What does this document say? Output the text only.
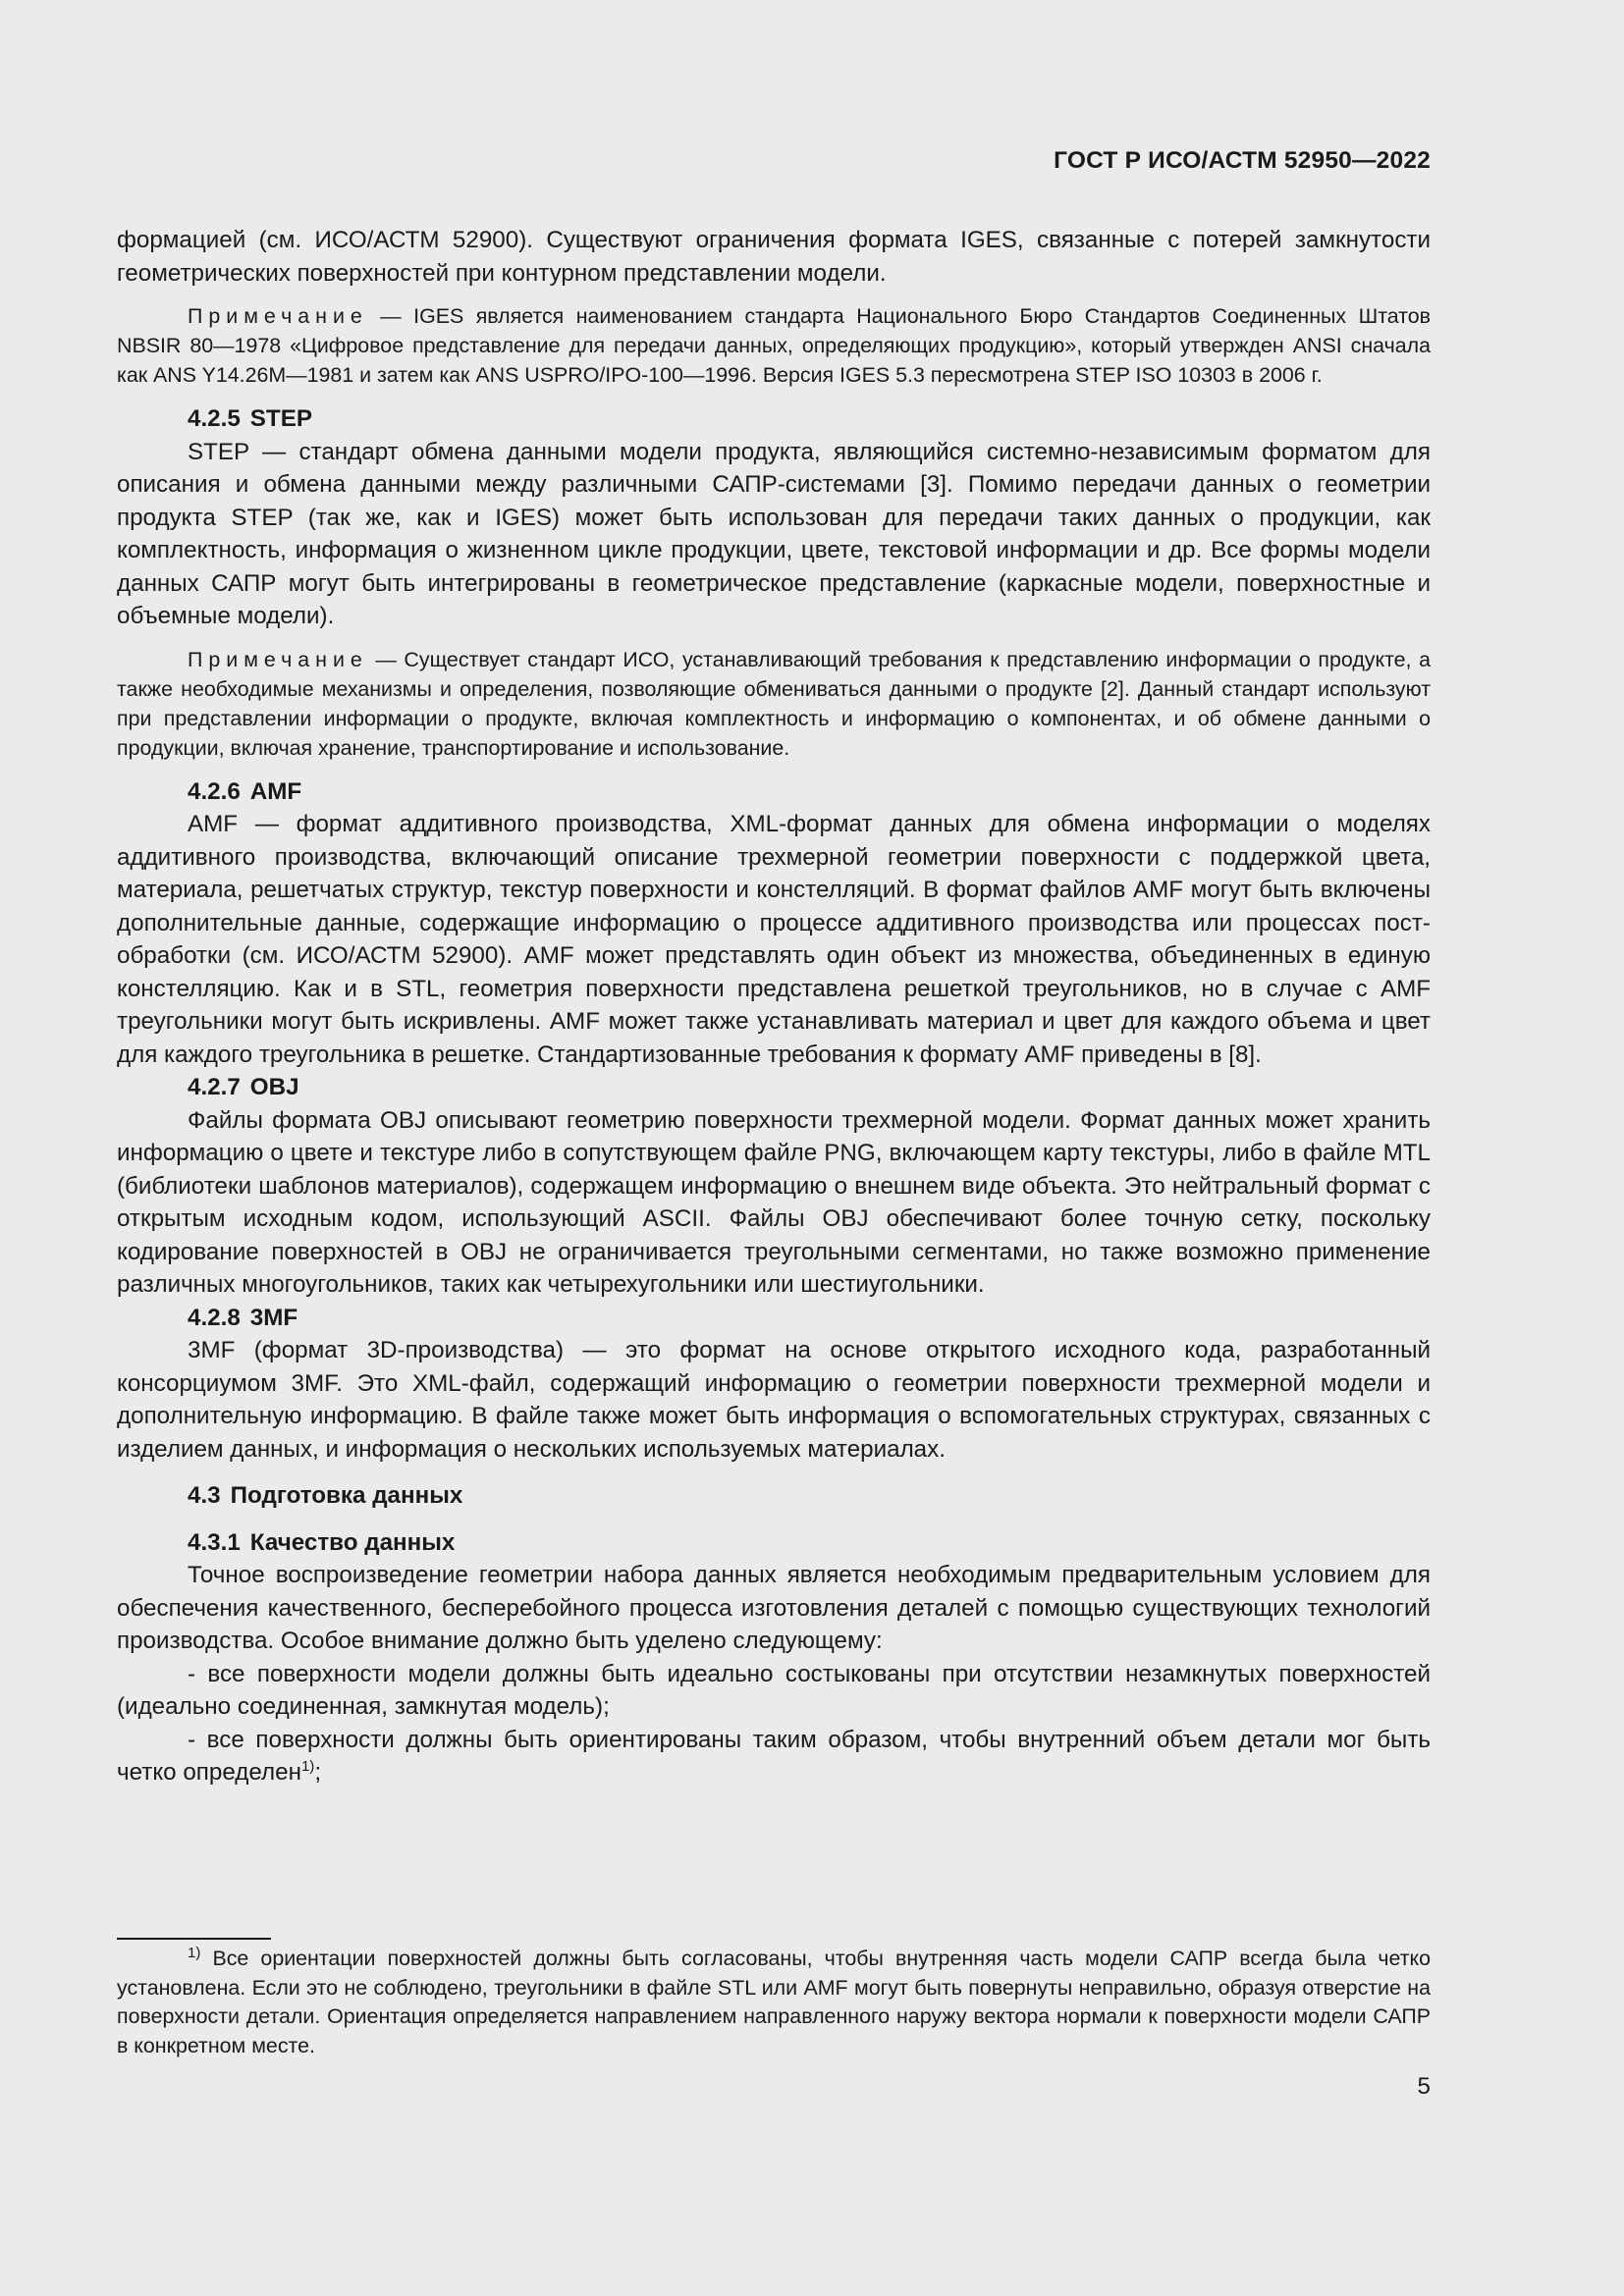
ГОСТ Р ИСО/АСТМ 52950—2022

формацией (см. ИСО/АСТМ 52900). Существуют ограничения формата IGES, связанные с потерей замкнутости геометрических поверхностей при контурном представлении модели.

Примечание — IGES является наименованием стандарта Национального Бюро Стандартов Соединенных Штатов NBSIR 80—1978 «Цифровое представление для передачи данных, определяющих продукцию», который утвержден ANSI сначала как ANS Y14.26M—1981 и затем как ANS USPRO/IPO-100—1996. Версия IGES 5.3 пересмотрена STEP ISO 10303 в 2006 г.

4.2.5 STEP

STEP — стандарт обмена данными модели продукта, являющийся системно-независимым форматом для описания и обмена данными между различными САПР-системами [3]. Помимо передачи данных о геометрии продукта STEP (так же, как и IGES) может быть использован для передачи таких данных о продукции, как комплектность, информация о жизненном цикле продукции, цвете, текстовой информации и др. Все формы модели данных САПР могут быть интегрированы в геометрическое представление (каркасные модели, поверхностные и объемные модели).

Примечание — Существует стандарт ИСО, устанавливающий требования к представлению информации о продукте, а также необходимые механизмы и определения, позволяющие обмениваться данными о продукте [2]. Данный стандарт используют при представлении информации о продукте, включая комплектность и информацию о компонентах, и об обмене данными о продукции, включая хранение, транспортирование и использование.

4.2.6 AMF

AMF — формат аддитивного производства, XML-формат данных для обмена информации о моделях аддитивного производства, включающий описание трехмерной геометрии поверхности с поддержкой цвета, материала, решетчатых структур, текстур поверхности и констелляций. В формат файлов AMF могут быть включены дополнительные данные, содержащие информацию о процессе аддитивного производства или процессах пост-обработки (см. ИСО/АСТМ 52900). AMF может представлять один объект из множества, объединенных в единую констелляцию. Как и в STL, геометрия поверхности представлена решеткой треугольников, но в случае с AMF треугольники могут быть искривлены. AMF может также устанавливать материал и цвет для каждого объема и цвет для каждого треугольника в решетке. Стандартизованные требования к формату AMF приведены в [8].

4.2.7 OBJ

Файлы формата OBJ описывают геометрию поверхности трехмерной модели. Формат данных может хранить информацию о цвете и текстуре либо в сопутствующем файле PNG, включающем карту текстуры, либо в файле MTL (библиотеки шаблонов материалов), содержащем информацию о внешнем виде объекта. Это нейтральный формат с открытым исходным кодом, использующий ASCII. Файлы OBJ обеспечивают более точную сетку, поскольку кодирование поверхностей в OBJ не ограничивается треугольными сегментами, но также возможно применение различных многоугольников, таких как четырехугольники или шестиугольники.

4.2.8 3MF

3MF (формат 3D-производства) — это формат на основе открытого исходного кода, разработанный консорциумом 3MF. Это XML-файл, содержащий информацию о геометрии поверхности трехмерной модели и дополнительную информацию. В файле также может быть информация о вспомогательных структурах, связанных с изделием данных, и информация о нескольких используемых материалах.

4.3 Подготовка данных
4.3.1 Качество данных

Точное воспроизведение геометрии набора данных является необходимым предварительным условием для обеспечения качественного, бесперебойного процесса изготовления деталей с помощью существующих технологий производства. Особое внимание должно быть уделено следующему:

- все поверхности модели должны быть идеально состыкованы при отсутствии незамкнутых поверхностей (идеально соединенная, замкнутая модель);

- все поверхности должны быть ориентированы таким образом, чтобы внутренний объем детали мог быть четко определен$^{1)}$;

$^{1)}$ Все ориентации поверхностей должны быть согласованы, чтобы внутренняя часть модели САПР всегда была четко установлена. Если это не соблюдено, треугольники в файле STL или AMF могут быть повернуты неправильно, образуя отверстие на поверхности детали. Ориентация определяется направлением направленного наружу вектора нормали к поверхности модели САПР в конкретном месте.

5
